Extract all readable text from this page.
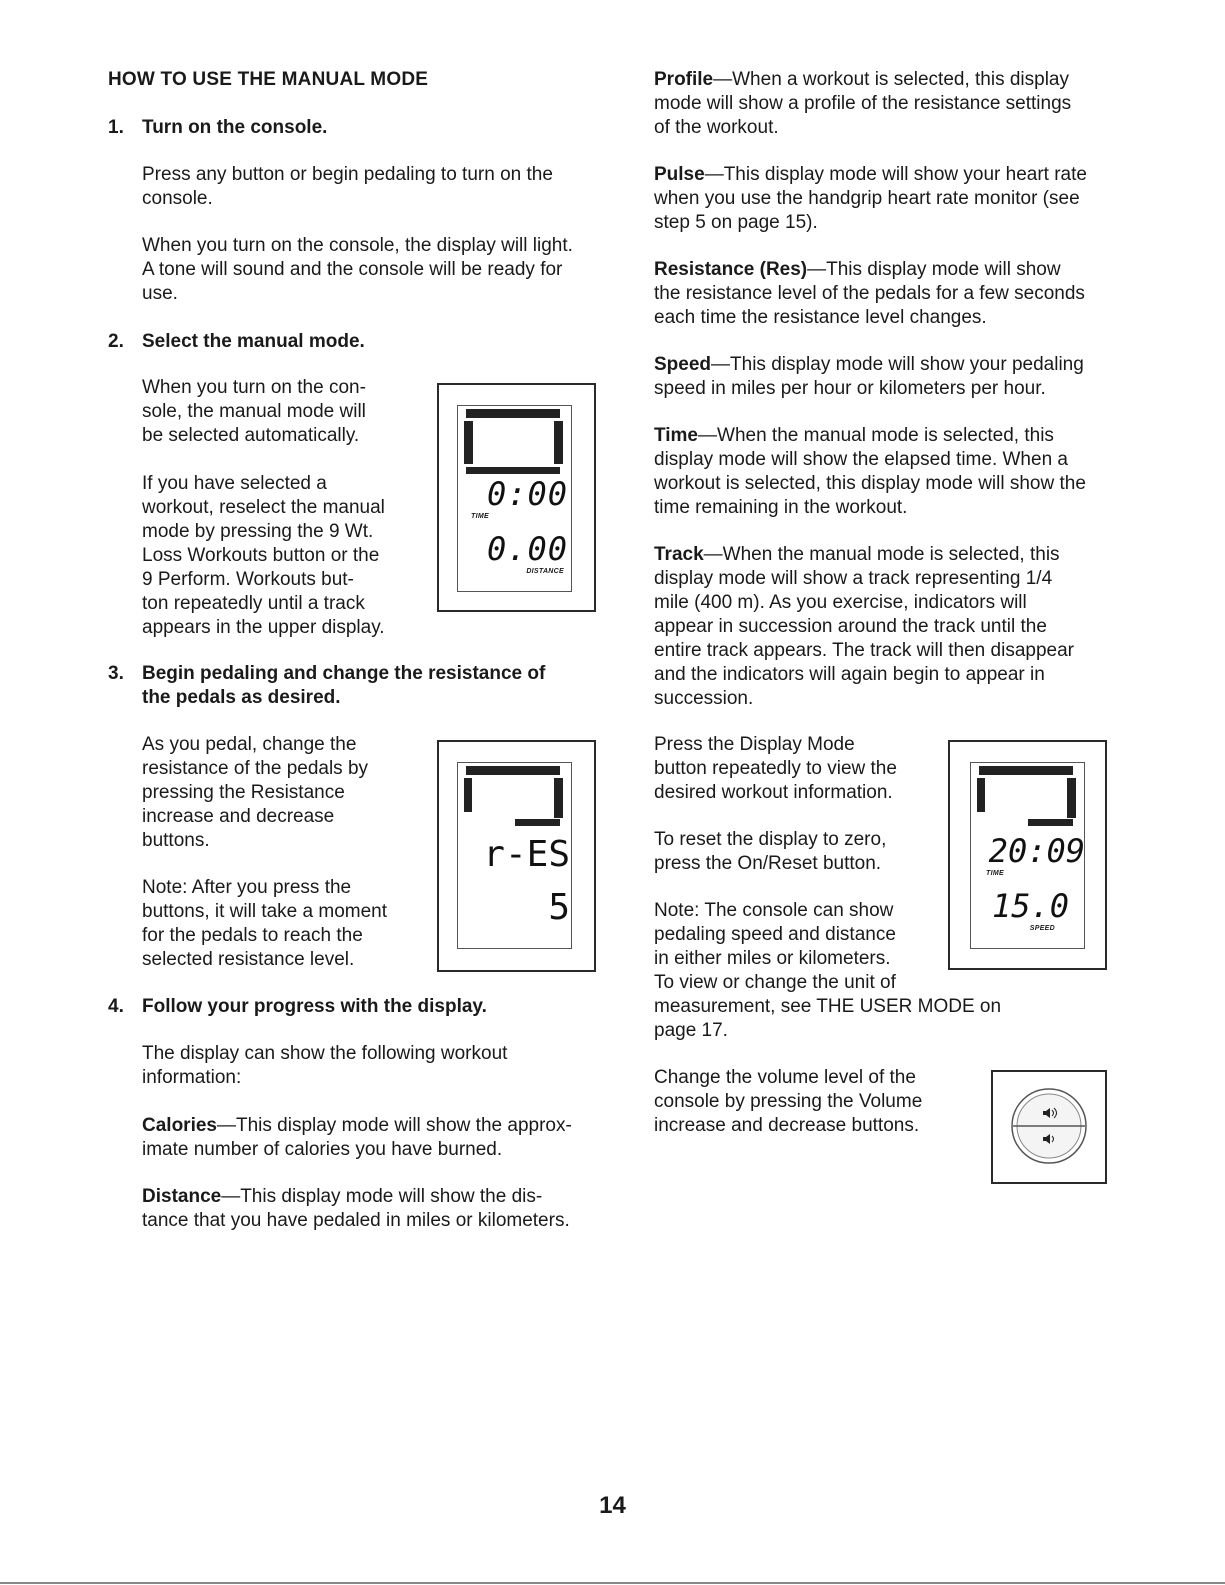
HOW TO USE THE MANUAL MODE
1. Turn on the console.
Press any button or begin pedaling to turn on the
console.
When you turn on the console, the display will light.
A tone will sound and the console will be ready for
use.
2. Select the manual mode.
When you turn on the con-
sole, the manual mode will
be selected automatically.
If you have selected a
workout, reselect the manual
mode by pressing the 9 Wt.
Loss Workouts button or the
9 Perform. Workouts but-
ton repeatedly until a track
appears in the upper display.
0:00
TIME
0.00
DISTANCE
3. Begin pedaling and change the resistance of
the pedals as desired.
As you pedal, change the
resistance of the pedals by
pressing the Resistance
increase and decrease
buttons.
Note: After you press the
buttons, it will take a moment
for the pedals to reach the
selected resistance level.
r-ES
5
4. Follow your progress with the display.
The display can show the following workout
information:
Calories—This display mode will show the approx-
imate number of calories you have burned.
Distance—This display mode will show the dis-
tance that you have pedaled in miles or kilometers.
Profile—When a workout is selected, this display
mode will show a profile of the resistance settings
of the workout.
Pulse—This display mode will show your heart rate
when you use the handgrip heart rate monitor (see
step 5 on page 15).
Resistance (Res)—This display mode will show
the resistance level of the pedals for a few seconds
each time the resistance level changes.
Speed—This display mode will show your pedaling
speed in miles per hour or kilometers per hour.
Time—When the manual mode is selected, this
display mode will show the elapsed time. When a
workout is selected, this display mode will show the
time remaining in the workout.
Track—When the manual mode is selected, this
display mode will show a track representing 1/4
mile (400 m). As you exercise, indicators will
appear in succession around the track until the
entire track appears. The track will then disappear
and the indicators will again begin to appear in
succession.
Press the Display Mode
button repeatedly to view the
desired workout information.
To reset the display to zero,
press the On/Reset button.
Note: The console can show
pedaling speed and distance
in either miles or kilometers.
To view or change the unit of
measurement, see THE USER MODE on
page 17.
Change the volume level of the
console by pressing the Volume
increase and decrease buttons.
20:09
TIME
15.0
SPEED
14
